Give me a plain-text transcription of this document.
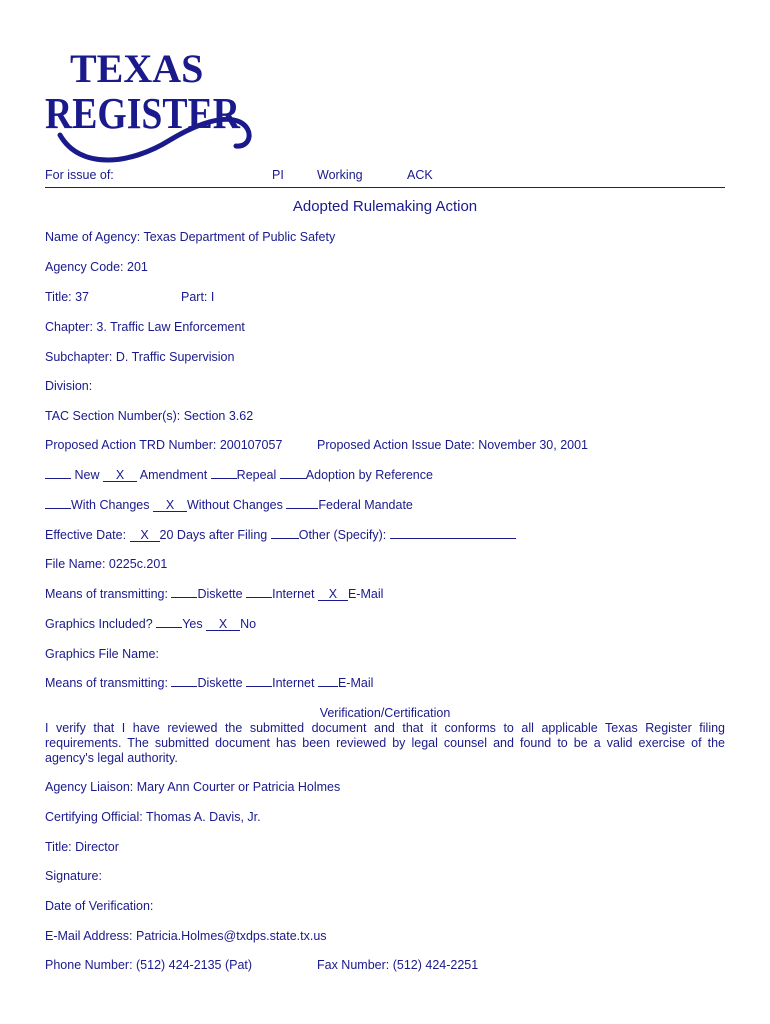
TEXAS
REGISTER
For issue of:	PI	Working	ACK
Adopted Rulemaking Action
Name of Agency: Texas Department of Public Safety
Agency Code: 201
Title: 37	Part: I
Chapter: 3. Traffic Law Enforcement
Subchapter: D. Traffic Supervision
Division:
TAC Section Number(s): Section 3.62
Proposed Action TRD Number: 200107057	Proposed Action Issue Date: November 30, 2001
New X Amendment Repeal Adoption by Reference
With Changes X Without Changes	Federal Mandate
Effective Date: X 20 Days after Filing	Other (Specify):
File Name: 0225c.201
Means of transmitting: Diskette Internet X E-Mail
Graphics Included? Yes X No
Graphics File Name:
Means of transmitting: Diskette Internet E-Mail
Verification/Certification
I verify that I have reviewed the submitted document and that it conforms to all applicable Texas Register filing requirements. The submitted document has been reviewed by legal counsel and found to be a valid exercise of the agency's legal authority.
Agency Liaison: Mary Ann Courter or Patricia Holmes
Certifying Official: Thomas A. Davis, Jr.
Title: Director
Signature:
Date of Verification:
E-Mail Address: Patricia.Holmes@txdps.state.tx.us
Phone Number: (512) 424-2135 (Pat)	Fax Number: (512) 424-2251
